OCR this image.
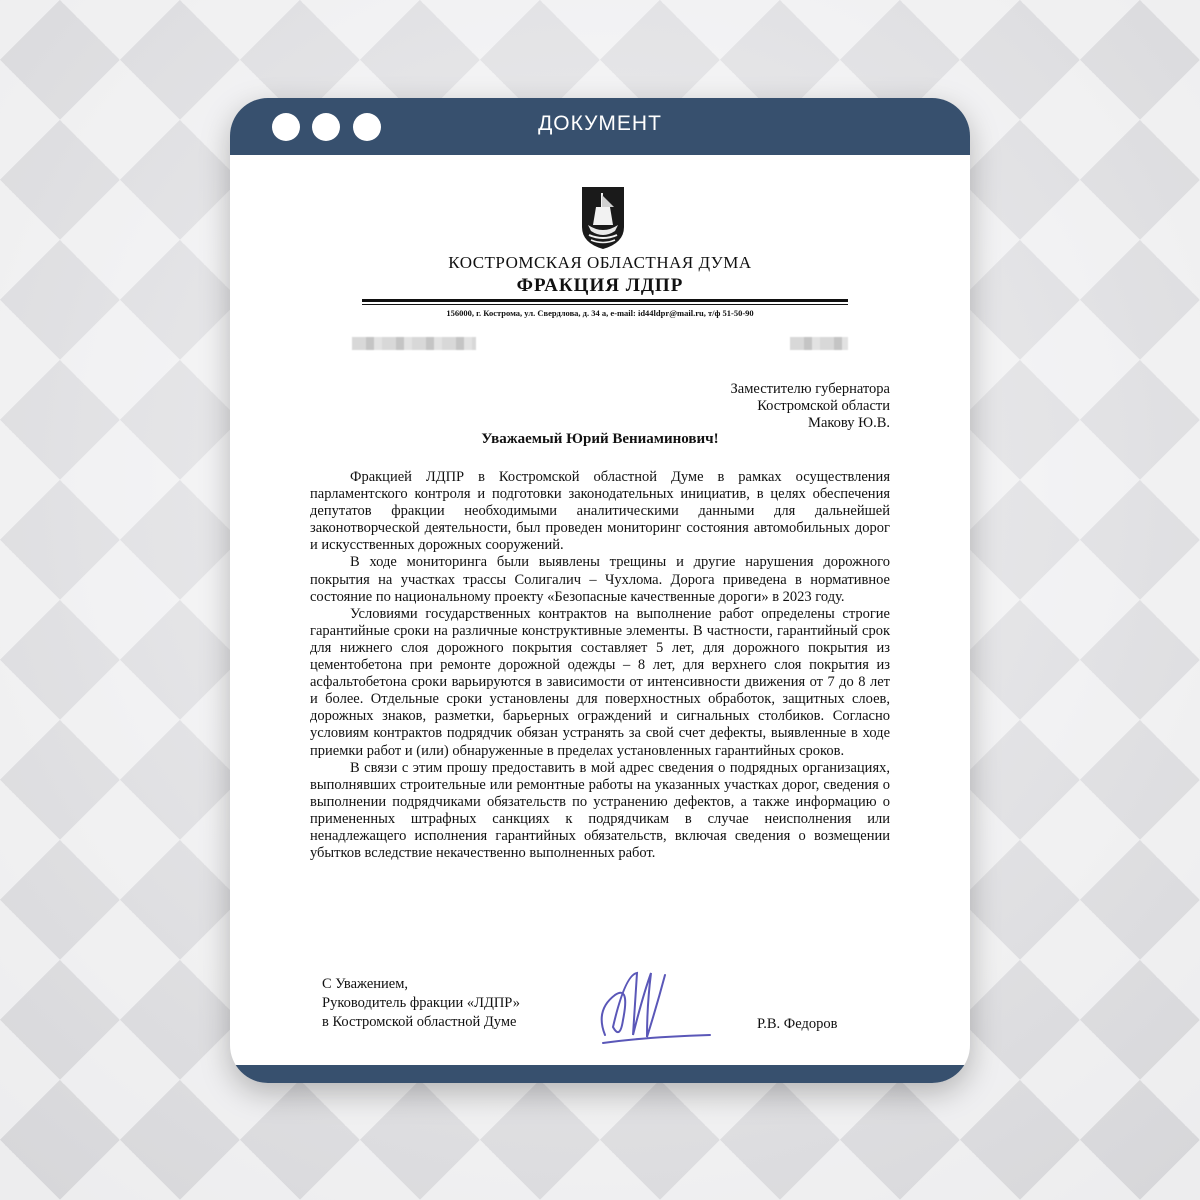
ДОКУМЕНТ
КОСТРОМСКАЯ ОБЛАСТНАЯ ДУМА
ФРАКЦИЯ ЛДПР
156000, г. Кострома, ул. Свердлова, д. 34 а, e-mail: id44ldpr@mail.ru, т/ф 51-50-90
Заместителю губернатора
Костромской области
Макову Ю.В.
Уважаемый Юрий Вениаминович!

Фракцией ЛДПР в Костромской областной Думе в рамках осуществления парламентского контроля и подготовки законодательных инициатив, в целях обеспечения депутатов фракции необходимыми аналитическими данными для дальнейшей законотворческой деятельности, был проведен мониторинг состояния автомобильных дорог и искусственных дорожных сооружений.

В ходе мониторинга были выявлены трещины и другие нарушения дорожного покрытия на участках трассы Солигалич – Чухлома. Дорога приведена в нормативное состояние по национальному проекту «Безопасные качественные дороги» в 2023 году.

Условиями государственных контрактов на выполнение работ определены строгие гарантийные сроки на различные конструктивные элементы. В частности, гарантийный срок для нижнего слоя дорожного покрытия составляет 5 лет, для дорожного покрытия из цементобетона при ремонте дорожной одежды – 8 лет, для верхнего слоя покрытия из асфальтобетона сроки варьируются в зависимости от интенсивности движения от 7 до 8 лет и более. Отдельные сроки установлены для поверхностных обработок, защитных слоев, дорожных знаков, разметки, барьерных ограждений и сигнальных столбиков. Согласно условиям контрактов подрядчик обязан устранять за свой счет дефекты, выявленные в ходе приемки работ и (или) обнаруженные в пределах установленных гарантийных сроков.

В связи с этим прошу предоставить в мой адрес сведения о подрядных организациях, выполнявших строительные или ремонтные работы на указанных участках дорог, сведения о выполнении подрядчиками обязательств по устранению дефектов, а также информацию о примененных штрафных санкциях к подрядчикам в случае неисполнения или ненадлежащего исполнения гарантийных обязательств, включая сведения о возмещении убытков вследствие некачественно выполненных работ.

С Уважением,
Руководитель фракции «ЛДПР»
в Костромской областной Думе	Р.В. Федоров
